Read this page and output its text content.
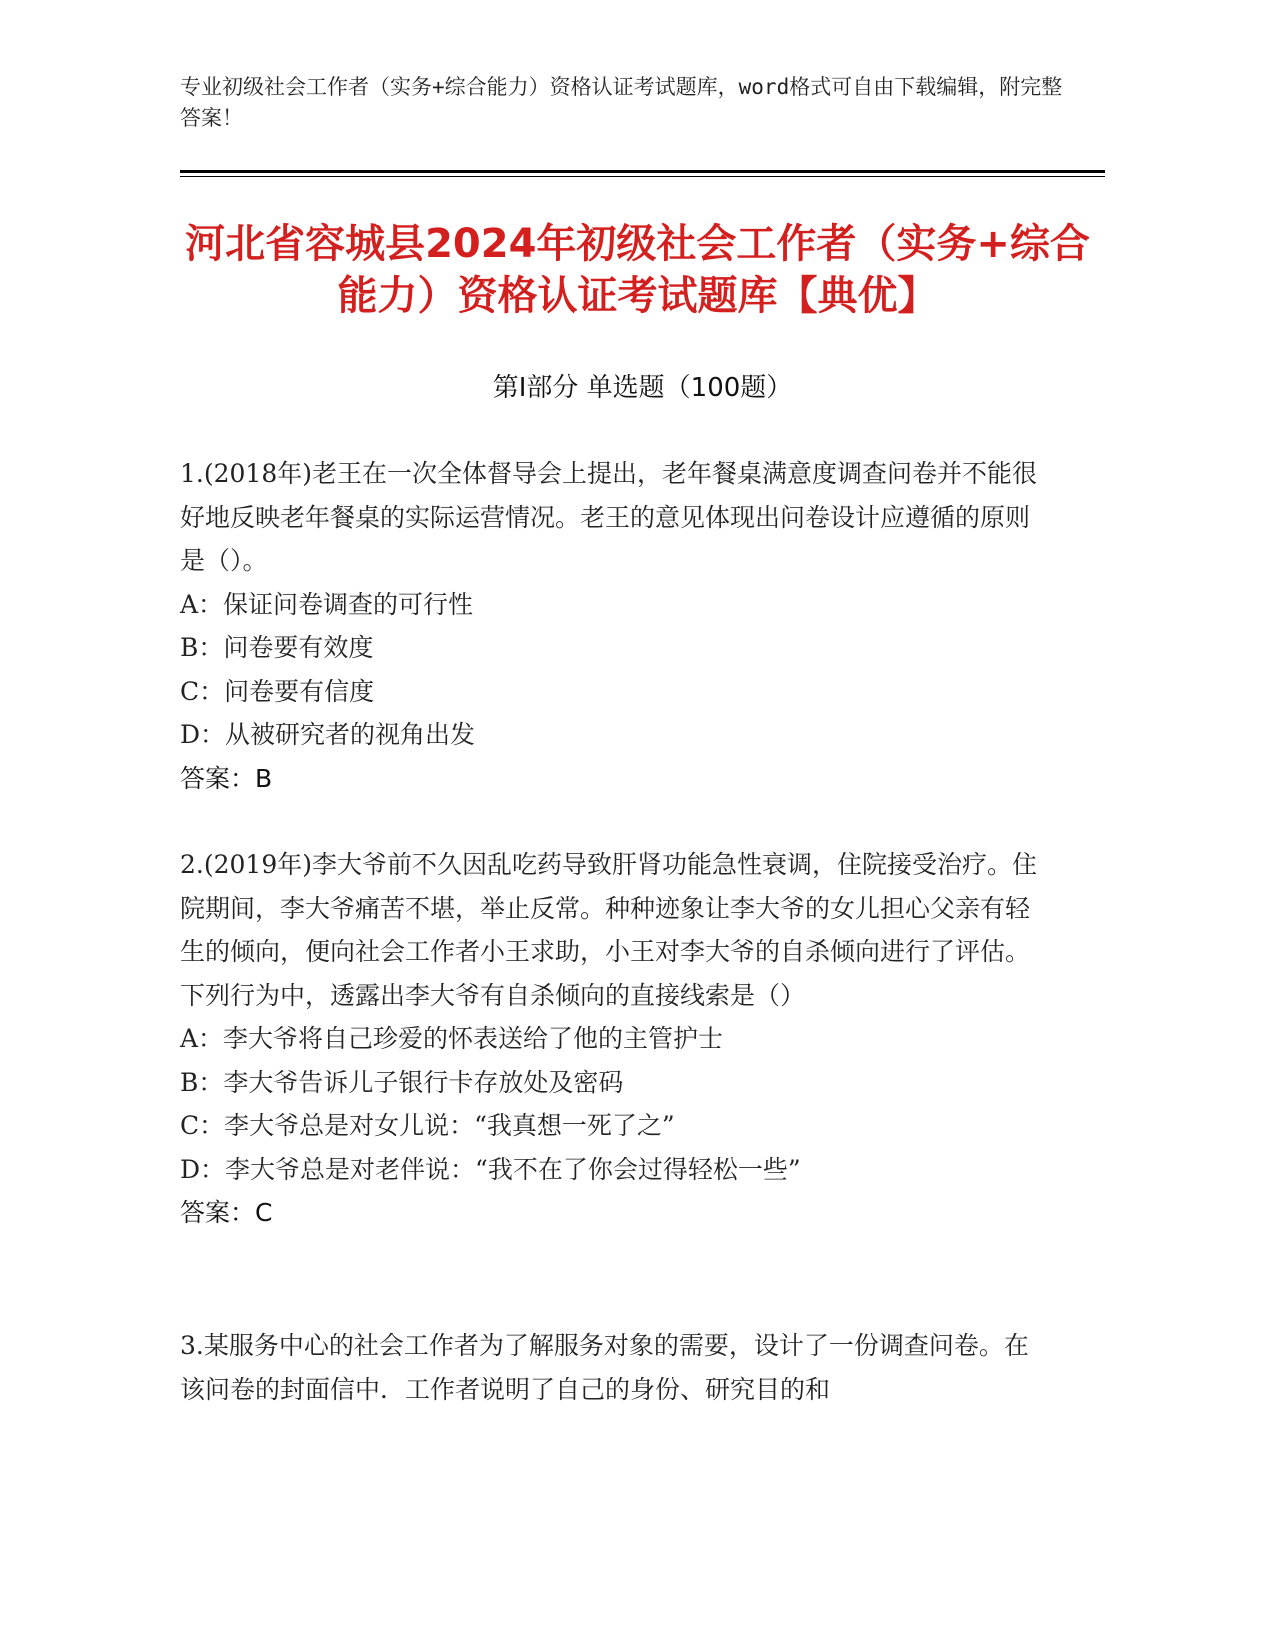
专业初级社会工作者（实务+综合能力）资格认证考试题库，word格式可自由下载编辑，附完整答案！
河北省容城县2024年初级社会工作者（实务+综合能力）资格认证考试题库【典优】
第Ⅰ部分 单选题（100题）

1.(2018年)老王在一次全体督导会上提出，老年餐桌满意度调查问卷并不能很好地反映老年餐桌的实际运营情况。老王的意见体现出问卷设计应遵循的原则是（）。

A：保证问卷调查的可行性

B：问卷要有效度

C：问卷要有信度

D：从被研究者的视角出发

答案：B

2.(2019年)李大爷前不久因乱吃药导致肝肾功能急性衰调，住院接受治疗。住院期间，李大爷痛苦不堪，举止反常。种种迹象让李大爷的女儿担心父亲有轻生的倾向，便向社会工作者小王求助，小王对李大爷的自杀倾向进行了评估。下列行为中，透露出李大爷有自杀倾向的直接线索是（）

A：李大爷将自己珍爱的怀表送给了他的主管护士

B：李大爷告诉儿子银行卡存放处及密码

C：李大爷总是对女儿说：“我真想一死了之”

D：李大爷总是对老伴说：“我不在了你会过得轻松一些”

答案：C

3.某服务中心的社会工作者为了解服务对象的需要，设计了一份调查问卷。在该问卷的封面信中．工作者说明了自己的身份、研究目的和
